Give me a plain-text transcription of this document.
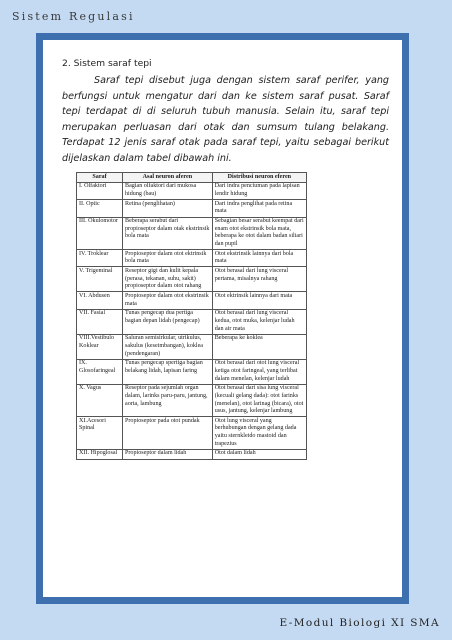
Sistem Regulasi
2. Sistem saraf tepi

Saraf tepi disebut juga dengan sistem saraf perifer, yang berfungsi untuk mengatur dari dan ke sistem saraf pusat. Saraf tepi terdapat di di seluruh tubuh manusia. Selain itu, saraf tepi merupakan perluasan dari otak dan sumsum tulang belakang. Terdapat 12 jenis saraf otak pada saraf tepi, yaitu sebagai berikut dijelaskan dalam tabel dibawah ini.

Saraf	Asal neuron aferen	Distribusi neuron eferen
I. Olfaktori	Bagian olfaktori dari mukosa hidung (bau)	Dari indra penciuman pada lapisan lendir hidung
II. Optic	Retina (penglihatan)	Dari indra penglihat pada retina mata
III. Okulomotor	Beberapa serabut dari propioseptor dalam otak ekstrinsik bola mata	Sebagian besar serabut keempat dari enam otot ekstrinsik bola mata, beberapa ke otot dalam badan siliari dan pupil
IV. Troklear	Propioseptor dalam otot ektrinsik bola mata	Otot ekstrinsik lainnya dari bola mata
V. Trigeminal	Reseptor gigi dan kulit kepala (perasa, tekanan, suhu, sakit) propioseptor dalam otot rahang	Otot berasal dari lung visceral pertama, misalnya rahang
VI. Abdusen	Propioseptor dalam otot ekstrinsik mata	Otot ektrinsik lainnya dari mata
VII. Fasial	Tunas pengecap dua pertiga bagian depan lidah (pengecap)	Otot berasal dari lung visceral kedua, otot muka, kelenjar ludah dan air mata
VIII.Vestibulo Koklear	Saluran semisirkular, utrikulus, sakulus (keseimbangan), koklea (pendengaran)	Beberapa ke koklea
IX. Glosofaringeal	Tunas pengecap spertiga bagian belakang lidah, lapisan faring	Otot berasal dari otot lung visceral ketiga otot faringeal, yang terlibat dalam menelan, kelenjar ludah
X. Vagus	Reseptor pada sejumlah organ dalam, larinks paru-paru, jantung, aorta, lambung	Otot berasal dari sisa lung visceral (kecuali gelang dada): otot farinks (menelan), otot larinag (bicara), otot usus, jantung, kelenjar lambung
XI.Acesori Spinal	Propioseptor pada otot pundak	Otot lung visceral yang berhubungan dengan gelang dada yaitu sternkleido mastoid dan trapezius
XII. Hipoglosal	Propioseptor dalam lidah	Otot dalam lidah
E-Modul Biologi XI SMA
